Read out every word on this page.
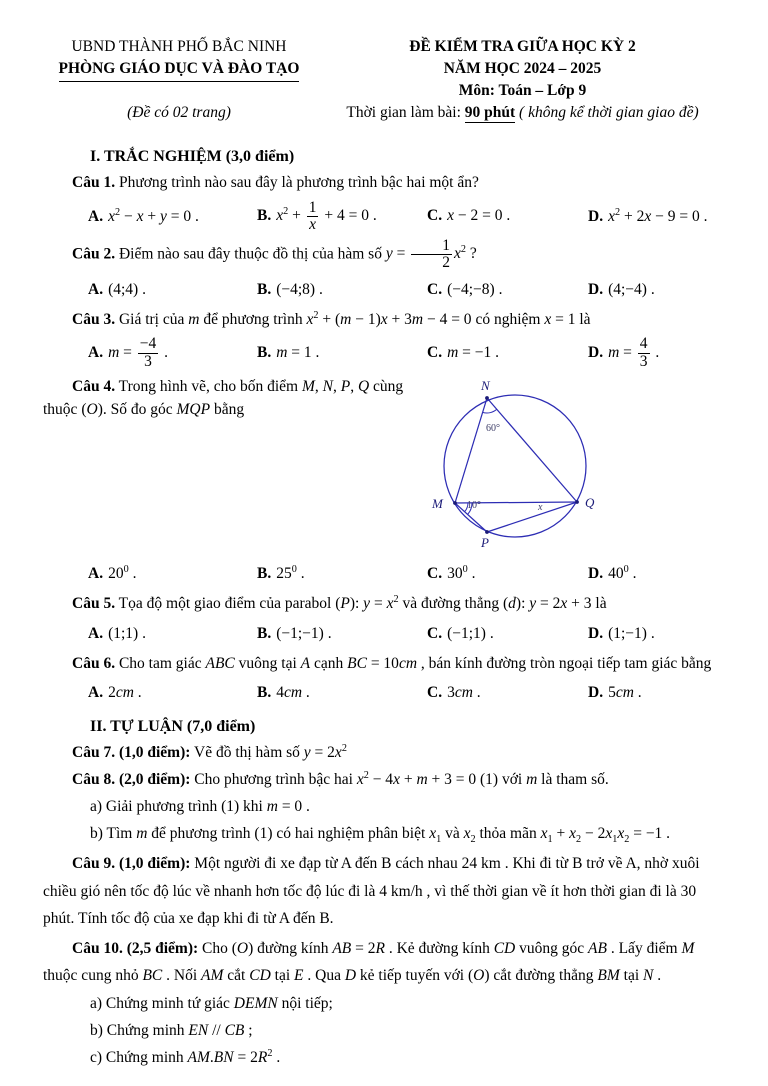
UBND THÀNH PHỐ BẮC NINH
PHÒNG GIÁO DỤC VÀ ĐÀO TẠO
(Đề có 02 trang)
ĐỀ KIỂM TRA GIỮA HỌC KỲ 2
NĂM HỌC 2024 – 2025
Môn: Toán – Lớp 9
Thời gian làm bài: 90 phút ( không kể thời gian giao đề)
I. TRẮC NGHIỆM (3,0 điểm)
Câu 1. Phương trình nào sau đây là phương trình bậc hai một ẩn?
A. $x^2 - x + y = 0$ .	B. $x^2 + \frac{1}{x} + 4 = 0$ .	C. x − 2 = 0 .	D. $x^2 + 2x - 9 = 0$ .
Câu 2. Điểm nào sau đây thuộc đồ thị của hàm số $y = \frac{1}{2} x^2$ ?
A. (4;4) .	B. (−4;8) .	C. (−4;−8) .	D. (4;−4) .
Câu 3. Giá trị của m để phương trình $x^2 + (m - 1)x + 3m - 4 = 0$ có nghiệm x = 1 là
A. $m = \frac{-4}{3}$ .	B. m = 1 .	C. m = −1 .	D. $m = \frac{4}{3}$ .
Câu 4. Trong hình vẽ, cho bốn điểm M, N, P, Q cùng thuộc (O). Số đo góc MQP bằng
N
M	Q
P
60°
10°	x
A. $20^0$ .	B. $25^0$ .	C. $30^0$ .	D. $40^0$ .
Câu 5. Tọa độ một giao điểm của parabol (P): $y = x^2$ và đường thẳng (d): y = 2x + 3 là
A. (1;1) .	B. (−1;−1) .	C. (−1;1) .	D. (1;−1) .
Câu 6. Cho tam giác ABC vuông tại A cạnh BC = 10cm , bán kính đường tròn ngoại tiếp tam giác bằng
A. 2cm .	B. 4cm .	C. 3cm .	D. 5cm .
II. TỰ LUẬN (7,0 điểm)
Câu 7. (1,0 điểm): Vẽ đồ thị hàm số $y = 2x^2$
Câu 8. (2,0 điểm): Cho phương trình bậc hai $x^2 - 4x + m + 3 = 0$ (1) với m là tham số.
a) Giải phương trình (1) khi m = 0 .
b) Tìm m để phương trình (1) có hai nghiệm phân biệt $x_1$ và $x_2$ thỏa mãn $x_1 + x_2 - 2x_1x_2 = -1$ .
Câu 9. (1,0 điểm): Một người đi xe đạp từ A đến B cách nhau 24 km . Khi đi từ B trở về A, nhờ xuôi chiều gió nên tốc độ lúc về nhanh hơn tốc độ lúc đi là 4 km/h , vì thế thời gian về ít hơn thời gian đi là 30 phút. Tính tốc độ của xe đạp khi đi từ A đến B.
Câu 10. (2,5 điểm): Cho (O) đường kính AB = 2R . Kẻ đường kính CD vuông góc AB . Lấy điểm M thuộc cung nhỏ BC . Nối AM cắt CD tại E . Qua D kẻ tiếp tuyến với (O) cắt đường thẳng BM tại N .
a) Chứng minh tứ giác DEMN nội tiếp;
b) Chứng minh EN // CB ;
c) Chứng minh $AM.BN = 2R^2$ .
